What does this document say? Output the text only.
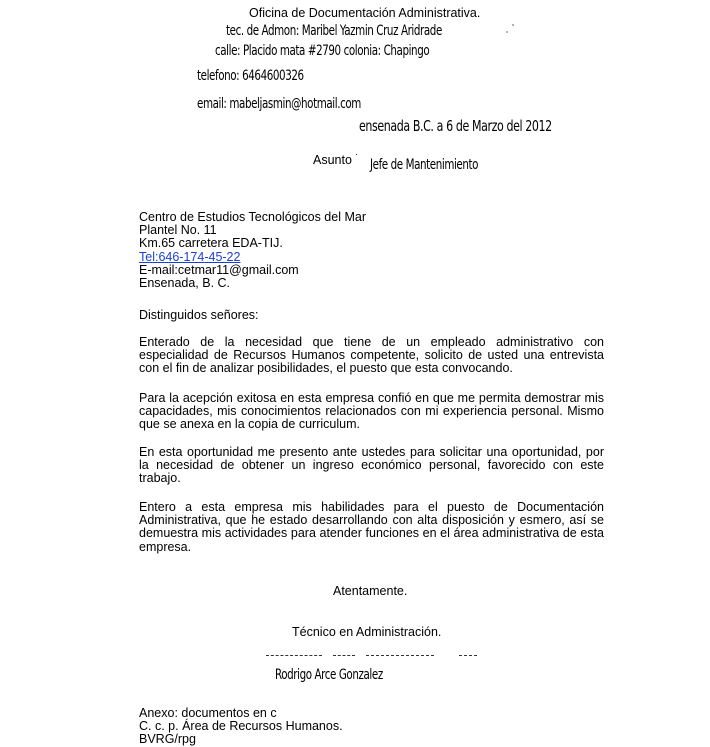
Oficina de Documentación Administrativa.
tec. de Admon: Maribel Yazmin Cruz Aridrade
calle: Placido mata #2790 colonia: Chapingo
telefono: 6464600326
email: mabeljasmin@hotmail.com
ensenada B.C. a 6 de Marzo del 2012
Asunto ·
Jefe de Mantenimiento
Centro de Estudios Tecnológicos del Mar
Plantel No. 11
Km.65 carretera EDA-TIJ.
Tel:646-174-45-22
E-mail:cetmar11@gmail.com
Ensenada, B. C.
Distinguidos señores:
Enterado de la necesidad que tiene de un empleado administrativo con especialidad de Recursos Humanos competente, solicito de usted una entrevista con el fin de analizar posibilidades, el puesto que esta convocando.
Para la acepción exitosa en esta empresa confió en que me permita demostrar mis capacidades, mis conocimientos relacionados con mi experiencia personal. Mismo que se anexa en la copia de curriculum.
En esta oportunidad me presento ante ustedes para solicitar una oportunidad, por la necesidad de obtener un ingreso económico personal, favorecido con este trabajo.
Entero a esta empresa mis habilidades para el puesto de Documentación Administrativa, que he estado desarrollando con alta disposición y esmero, así se demuestra mis actividades para atender funciones en el área administrativa de esta empresa.
Atentamente.
Técnico en Administración.
Rodrigo Arce Gonzalez
Anexo: documentos en c
C. c. p. Área de Recursos Humanos.
BVRG/rpg
